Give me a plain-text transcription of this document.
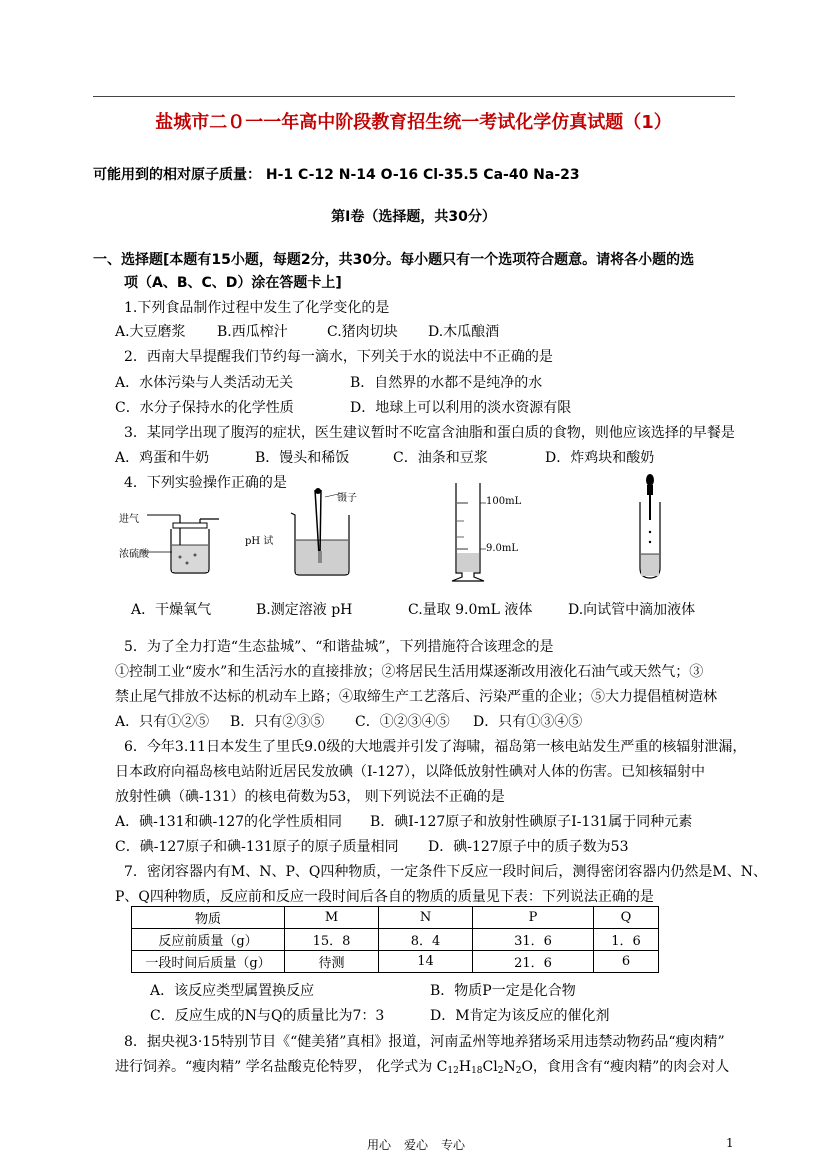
盐城市二０一一年高中阶段教育招生统一考试化学仿真试题（1）
可能用到的相对原子质量： H-1 C-12 N-14 O-16 Cl-35.5 Ca-40 Na-23
第Ⅰ卷（选择题，共30分）
一、选择题[本题有15小题，每题2分，共30分。每小题只有一个选项符合题意。请将各小题的选
项（A、B、C、D）涂在答题卡上]
1.下列食品制作过程中发生了化学变化的是
A.大豆磨浆 B.西瓜榨汁	C.猪肉切块 D.木瓜酿酒
2．西南大旱提醒我们节约每一滴水，下列关于水的说法中不正确的是
A．水体污染与人类活动无关	B．自然界的水都不是纯净的水
C．水分子保持水的化学性质	D．地球上可以利用的淡水资源有限
3．某同学出现了腹泻的症状，医生建议暂时不吃富含油脂和蛋白质的食物，则他应该选择的早餐是
A．鸡蛋和牛奶	B．馒头和稀饭	C．油条和豆浆	D．炸鸡块和酸奶
4．下列实验操作正确的是
进气
浓硫酸
镊子
pH 试
100mL
9.0mL
A．干燥氧气	B.测定溶液 pH	C.量取 9.0mL 液体	D.向试管中滴加液体
5．为了全力打造“生态盐城”、“和谐盐城”，下列措施符合该理念的是
①控制工业“废水”和生活污水的直接排放；②将居民生活用煤逐渐改用液化石油气或天然气；③
禁止尾气排放不达标的机动车上路；④取缔生产工艺落后、污染严重的企业；⑤大力提倡植树造林
A．只有①②⑤ B．只有②③⑤ C．①②③④⑤ D．只有①③④⑤
6．今年3.11日本发生了里氏9.0级的大地震并引发了海啸，福岛第一核电站发生严重的核辐射泄漏，
日本政府向福岛核电站附近居民发放碘（I-127），以降低放射性碘对人体的伤害。已知核辐射中
放射性碘（碘-131）的核电荷数为53， 则下列说法不正确的是
A．碘-131和碘-127的化学性质相同 B．碘I-127原子和放射性碘原子I-131属于同种元素
C．碘-127原子和碘-131原子的原子质量相同 D．碘-127原子中的质子数为53
7．密闭容器内有M、N、P、Q四种物质，一定条件下反应一段时间后，测得密闭容器内仍然是M、N、
P、Q四种物质，反应前和反应一段时间后各自的物质的质量见下表：下列说法正确的是
物质	M	N	P	Q
反应前质量（g）	15．8	8．4	31．6	1．6
一段时间后质量（g）	待测	14	21．6	6
A．该反应类型属置换反应	B．物质P一定是化合物
C．反应生成的N与Q的质量比为7：3	D．M肯定为该反应的催化剂
8．据央视3·15特别节目《“健美猪”真相》报道，河南孟州等地养猪场采用违禁动物药品“瘦肉精”
进行饲养。“瘦肉精” 学名盐酸克伦特罗， 化学式为 $C_{12}H_{18}Cl_2N_2O$，食用含有“瘦肉精”的肉会对人
用心 爱心 专心	1
